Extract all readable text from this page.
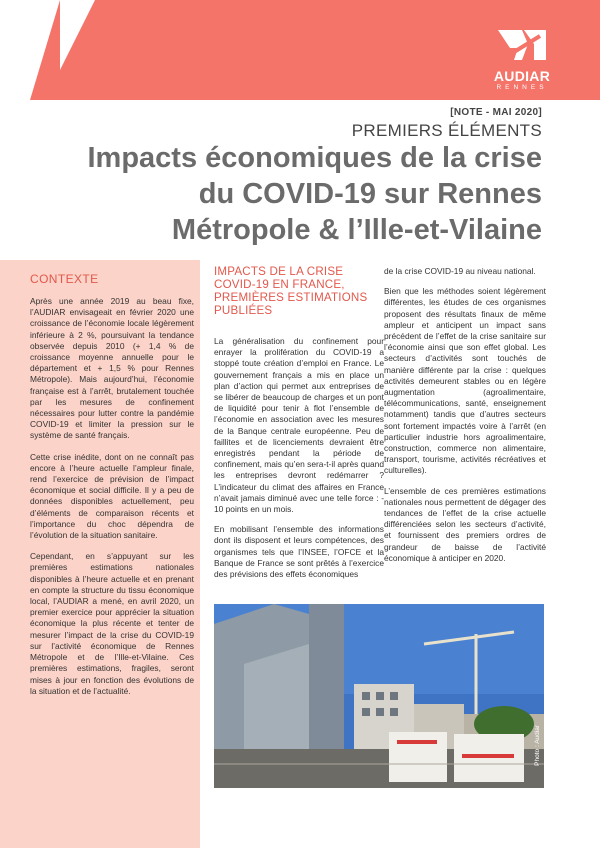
AUDIAR
RENNES
[NOTE - MAI 2020]
PREMIERS ÉLÉMENTS
Impacts économiques de la crise du COVID-19 sur Rennes Métropole & l’Ille-et-Vilaine
CONTEXTE

Après une année 2019 au beau fixe, l’AUDIAR envisageait en février 2020 une croissance de l’économie locale légèrement inférieure à 2 %, poursuivant la tendance observée depuis 2010 (+ 1,4 % de croissance moyenne annuelle pour le département et + 1,5 % pour Rennes Métropole). Mais aujourd’hui, l’économie française est à l’arrêt, brutalement touchée par les mesures de confinement nécessaires pour lutter contre la pandémie COVID-19 et limiter la pression sur le système de santé français.

Cette crise inédite, dont on ne connaît pas encore à l’heure actuelle l’ampleur finale, rend l’exercice de prévision de l’impact économique et social difficile. Il y a peu de données disponibles actuellement, peu d’éléments de comparaison récents et l’importance du choc dépendra de l’évolution de la situation sanitaire.

Cependant, en s’appuyant sur les premières estimations nationales disponibles à l’heure actuelle et en prenant en compte la structure du tissu économique local, l’AUDIAR a mené, en avril 2020, un premier exercice pour apprécier la situation économique la plus récente et tenter de mesurer l’impact de la crise du COVID-19 sur l’activité économique de Rennes Métropole et de l’Ille-et-Vilaine. Ces premières estimations, fragiles, seront mises à jour en fonction des évolutions de la situation et de l’actualité.

IMPACTS DE LA CRISE COVID-19 EN FRANCE, PREMIÈRES ESTIMATIONS PUBLIÉES

La généralisation du confinement pour enrayer la prolifération du COVID-19 a stoppé toute création d’emploi en France. Le gouvernement français a mis en place un plan d’action qui permet aux entreprises de se libérer de beaucoup de charges et un pont de liquidité pour tenir à flot l’ensemble de l’économie en association avec les mesures de la Banque centrale européenne. Peu de faillites et de licenciements devraient être enregistrés pendant la période de confinement, mais qu’en sera-t-il après quand les entreprises devront redémarrer ? L’indicateur du climat des affaires en France n’avait jamais diminué avec une telle force : - 10 points en un mois.

En mobilisant l’ensemble des informations dont ils disposent et leurs compétences, des organismes tels que l’INSEE, l’OFCE et la Banque de France se sont prêtés à l’exercice des prévisions des effets économiques

de la crise COVID-19 au niveau national.

Bien que les méthodes soient légèrement différentes, les études de ces organismes proposent des résultats finaux de même ampleur et anticipent un impact sans précédent de l’effet de la crise sanitaire sur l’économie ainsi que son effet global. Les secteurs d’activités sont touchés de manière différente par la crise : quelques activités demeurent stables ou en légère augmentation (agroalimentaire, télécommunications, santé, enseignement notamment) tandis que d’autres secteurs sont fortement impactés voire à l’arrêt (en particulier industrie hors agroalimentaire, construction, commerce non alimentaire, transport, tourisme, activités récréatives et culturelles).

L’ensemble de ces premières estimations nationales nous permettent de dégager des tendances de l’effet de la crise actuelle différenciées selon les secteurs d’activité, et fournissent des premiers ordres de grandeur de baisse de l’activité économique à anticiper en 2020.

Photo : Audiar
